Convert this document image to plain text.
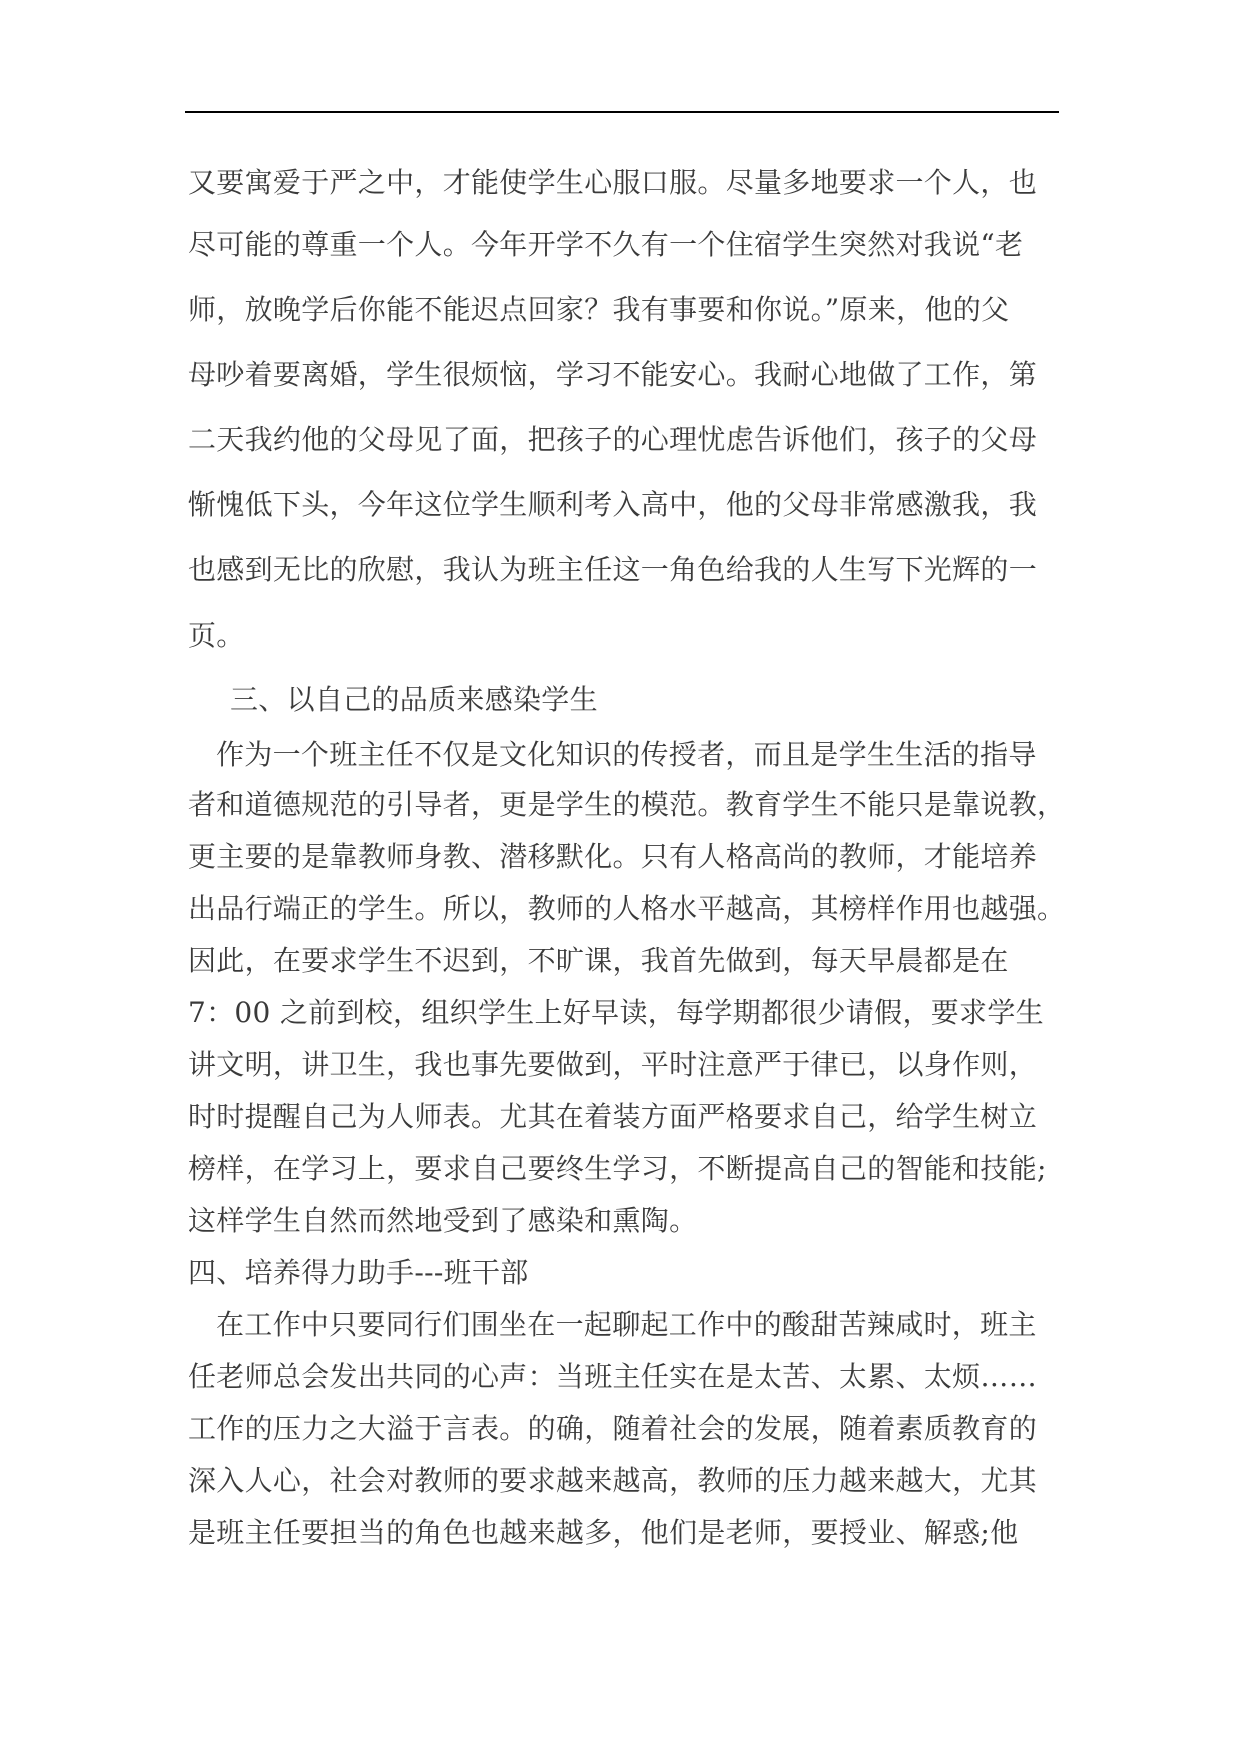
又要寓爱于严之中，才能使学生心服口服。尽量多地要求一个人，也
尽可能的尊重一个人。今年开学不久有一个住宿学生突然对我说“老
师，放晚学后你能不能迟点回家？我有事要和你说。”原来，他的父
母吵着要离婚，学生很烦恼，学习不能安心。我耐心地做了工作，第
二天我约他的父母见了面，把孩子的心理忧虑告诉他们，孩子的父母
惭愧低下头，今年这位学生顺利考入高中，他的父母非常感激我，我
也感到无比的欣慰，我认为班主任这一角色给我的人生写下光辉的一
页。
三、以自己的品质来感染学生
作为一个班主任不仅是文化知识的传授者，而且是学生生活的指导
者和道德规范的引导者，更是学生的模范。教育学生不能只是靠说教，
更主要的是靠教师身教、潜移默化。只有人格高尚的教师，才能培养
出品行端正的学生。所以，教师的人格水平越高，其榜样作用也越强。
因此，在要求学生不迟到，不旷课，我首先做到，每天早晨都是在
7：00 之前到校，组织学生上好早读，每学期都很少请假，要求学生
讲文明，讲卫生，我也事先要做到，平时注意严于律已，以身作则，
时时提醒自己为人师表。尤其在着装方面严格要求自己，给学生树立
榜样，在学习上，要求自己要终生学习，不断提高自己的智能和技能;
这样学生自然而然地受到了感染和熏陶。
四、培养得力助手---班干部
在工作中只要同行们围坐在一起聊起工作中的酸甜苦辣咸时，班主
任老师总会发出共同的心声：当班主任实在是太苦、太累、太烦……
工作的压力之大溢于言表。的确，随着社会的发展，随着素质教育的
深入人心，社会对教师的要求越来越高，教师的压力越来越大，尤其
是班主任要担当的角色也越来越多，他们是老师，要授业、解惑;他
